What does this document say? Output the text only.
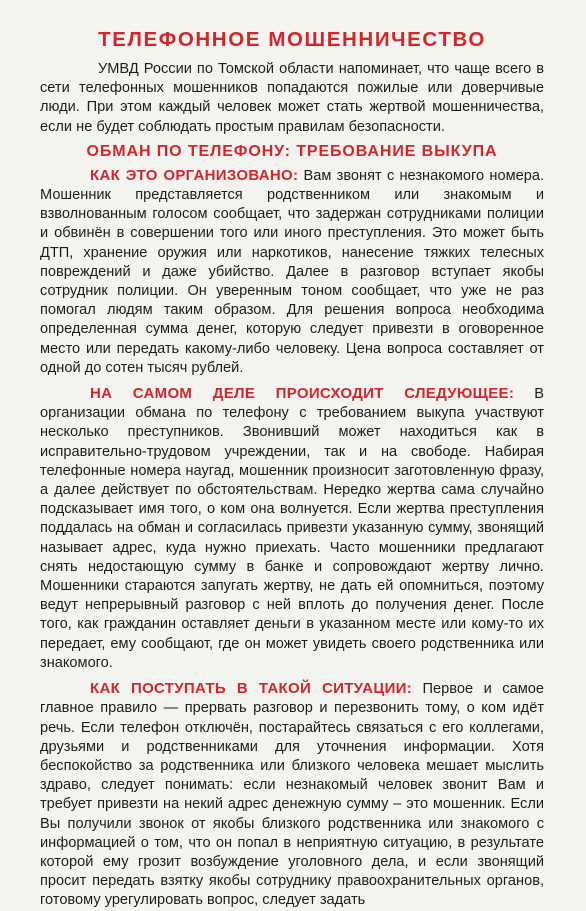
ТЕЛЕФОННОЕ МОШЕННИЧЕСТВО

УМВД России по Томской области напоминает, что чаще всего в сети телефонных мошенников попадаются пожилые или доверчивые люди. При этом каждый человек может стать жертвой мошенничества, если не будет соблюдать простым правилам безопасности.

ОБМАН ПО ТЕЛЕФОНУ: ТРЕБОВАНИЕ ВЫКУПА

КАК ЭТО ОРГАНИЗОВАНО: Вам звонят с незнакомого номера. Мошенник представляется родственником или знакомым и взволнованным голосом сообщает, что задержан сотрудниками полиции и обвинён в совершении того или иного преступления. Это может быть ДТП, хранение оружия или наркотиков, нанесение тяжких телесных повреждений и даже убийство. Далее в разговор вступает якобы сотрудник полиции. Он уверенным тоном сообщает, что уже не раз помогал людям таким образом. Для решения вопроса необходима определенная сумма денег, которую следует привезти в оговоренное место или передать какому-либо человеку. Цена вопроса составляет от одной до сотен тысяч рублей.

НА САМОМ ДЕЛЕ ПРОИСХОДИТ СЛЕДУЮЩЕЕ: В организации обмана по телефону с требованием выкупа участвуют несколько преступников. Звонивший может находиться как в исправительно-трудовом учреждении, так и на свободе. Набирая телефонные номера наугад, мошенник произносит заготовленную фразу, а далее действует по обстоятельствам. Нередко жертва сама случайно подсказывает имя того, о ком она волнуется. Если жертва преступления поддалась на обман и согласилась привезти указанную сумму, звонящий называет адрес, куда нужно приехать. Часто мошенники предлагают снять недостающую сумму в банке и сопровождают жертву лично. Мошенники стараются запугать жертву, не дать ей опомниться, поэтому ведут непрерывный разговор с ней вплоть до получения денег. После того, как гражданин оставляет деньги в указанном месте или кому-то их передает, ему сообщают, где он может увидеть своего родственника или знакомого.

КАК ПОСТУПАТЬ В ТАКОЙ СИТУАЦИИ: Первое и самое главное правило — прервать разговор и перезвонить тому, о ком идёт речь. Если телефон отключён, постарайтесь связаться с его коллегами, друзьями и родственниками для уточнения информации. Хотя беспокойство за родственника или близкого человека мешает мыслить здраво, следует понимать: если незнакомый человек звонит Вам и требует привезти на некий адрес денежную сумму – это мошенник. Если Вы получили звонок от якобы близкого родственника или знакомого с информацией о том, что он попал в неприятную ситуацию, в результате которой ему грозит возбуждение уголовного дела, и если звонящий просит передать взятку якобы сотруднику правоохранительных органов, готовому урегулировать вопрос, следует задать
